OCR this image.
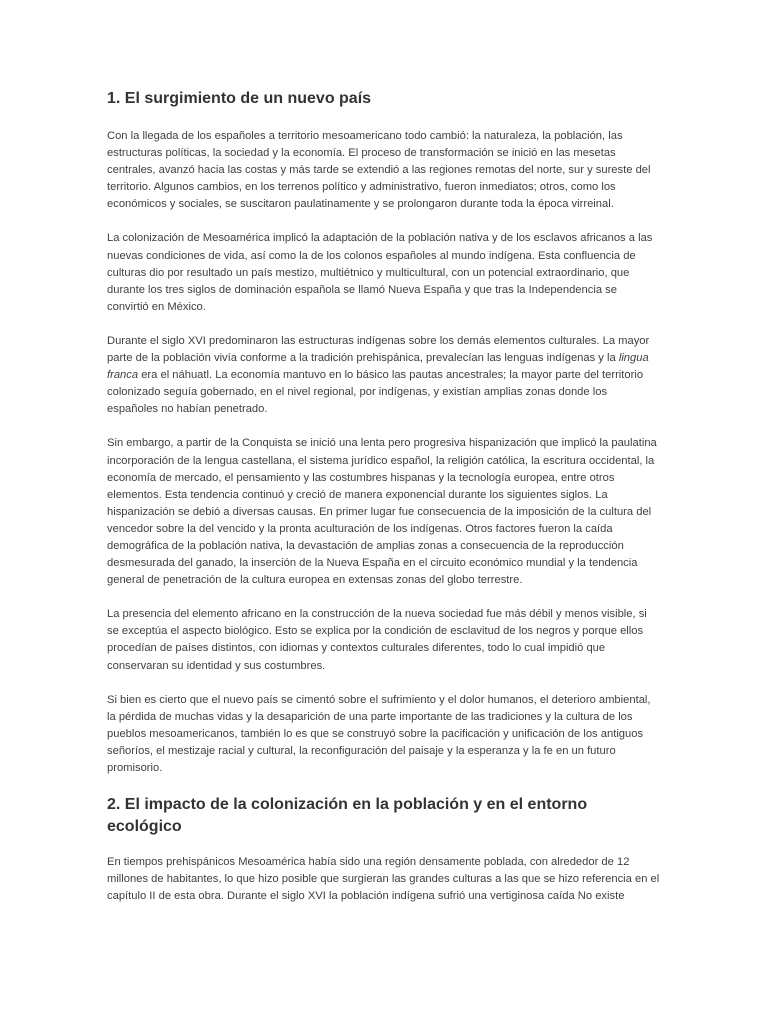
1. El surgimiento de un nuevo país

Con la llegada de los españoles a territorio mesoamericano todo cambió: la naturaleza, la población, las estructuras políticas, la sociedad y la economía. El proceso de transformación se inició en las mesetas centrales, avanzó hacia las costas y más tarde se extendió a las regiones remotas del norte, sur y sureste del territorio. Algunos cambios, en los terrenos político y administrativo, fueron inmediatos; otros, como los económicos y sociales, se suscitaron paulatinamente y se prolongaron durante toda la época virreinal.

La colonización de Mesoamérica implicó la adaptación de la población nativa y de los esclavos africanos a las nuevas condiciones de vida, así como la de los colonos españoles al mundo indígena. Esta confluencia de culturas dio por resultado un país mestizo, multiétnico y multicultural, con un potencial extraordinario, que durante los tres siglos de dominación española se llamó Nueva España y que tras la Independencia se convirtió en México.

Durante el siglo XVI predominaron las estructuras indígenas sobre los demás elementos culturales. La mayor parte de la población vivía conforme a la tradición prehispánica, prevalecían las lenguas indígenas y la lingua franca era el náhuatl. La economía mantuvo en lo básico las pautas ancestrales; la mayor parte del territorio colonizado seguía gobernado, en el nivel regional, por indígenas, y existían amplias zonas donde los españoles no habían penetrado.

Sin embargo, a partir de la Conquista se inició una lenta pero progresiva hispanización que implicó la paulatina incorporación de la lengua castellana, el sistema jurídico español, la religión católica, la escritura occidental, la economía de mercado, el pensamiento y las costumbres hispanas y la tecnología europea, entre otros elementos. Esta tendencia continuó y creció de manera exponencial durante los siguientes siglos. La hispanización se debió a diversas causas. En primer lugar fue consecuencia de la imposición de la cultura del vencedor sobre la del vencido y la pronta aculturación de los indígenas. Otros factores fueron la caída demográfica de la población nativa, la devastación de amplias zonas a consecuencia de la reproducción desmesurada del ganado, la inserción de la Nueva España en el circuito económico mundial y la tendencia general de penetración de la cultura europea en extensas zonas del globo terrestre.

La presencia del elemento africano en la construcción de la nueva sociedad fue más débil y menos visible, si se exceptúa el aspecto biológico. Esto se explica por la condición de esclavitud de los negros y porque ellos procedían de países distintos, con idiomas y contextos culturales diferentes, todo lo cual impidió que conservaran su identidad y sus costumbres.

Si bien es cierto que el nuevo país se cimentó sobre el sufrimiento y el dolor humanos, el deterioro ambiental, la pérdida de muchas vidas y la desaparición de una parte importante de las tradiciones y la cultura de los pueblos mesoamericanos, también lo es que se construyó sobre la pacificación y unificación de los antiguos señoríos, el mestizaje racial y cultural, la reconfiguración del paisaje y la esperanza y la fe en un futuro promisorio.

2. El impacto de la colonización en la población y en el entorno ecológico

En tiempos prehispánicos Mesoamérica había sido una región densamente poblada, con alrededor de 12 millones de habitantes, lo que hizo posible que surgieran las grandes culturas a las que se hizo referencia en el capítulo II de esta obra. Durante el siglo XVI la población indígena sufrió una vertiginosa caída No existe
